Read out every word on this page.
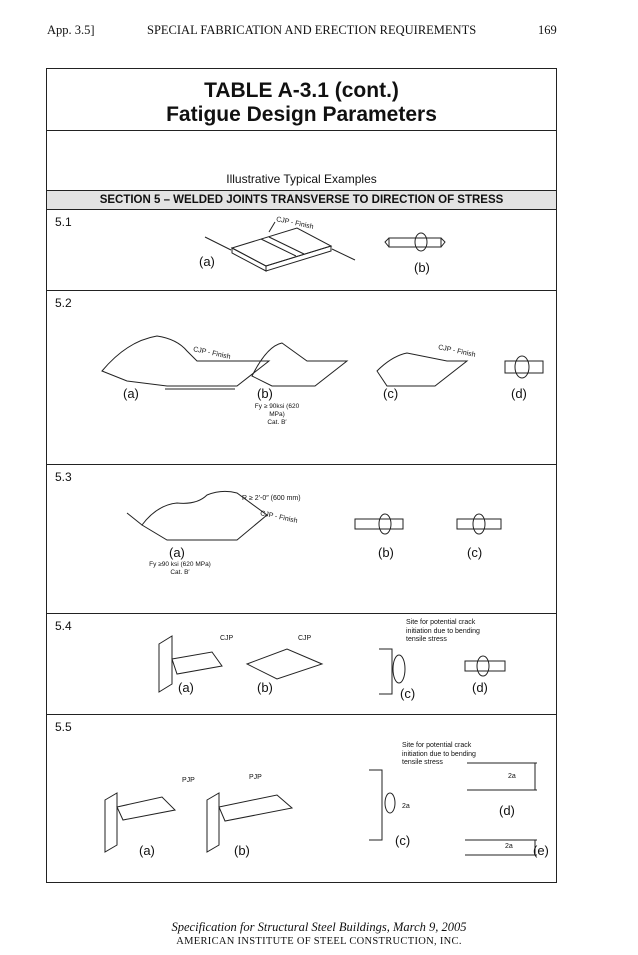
App. 3.5]	SPECIAL FABRICATION AND ERECTION REQUIREMENTS	169
TABLE A-3.1 (cont.)
Fatigue Design Parameters
Illustrative Typical Examples
SECTION 5 – WELDED JOINTS TRANSVERSE TO DIRECTION OF STRESS
5.1	CJP - Finish
(a)	(b)
5.2
CJP - Finish	CJP - Finish
(a)	(b)	(c)	(d)
Fy ≥ 90ksi (620 MPa)
Cat. B′
5.3
R ≥ 2′-0″ (600 mm)
CJP - Finish
(a)	(b)	(c)
Fy ≥90 ksi (620 MPa)
Cat. B′
5.4
CJP	CJP
Site for potential crack
initiation due to bending
tensile stress
(a)	(b)	(c)	(d)
5.5
PJP	PJP
Site for potential crack
initiation due to bending
tensile stress
2a
2a
2a
(a)	(b)
(c)
(d)
(e)
Specification for Structural Steel Buildings, March 9, 2005
AMERICAN INSTITUTE OF STEEL CONSTRUCTION, INC.
